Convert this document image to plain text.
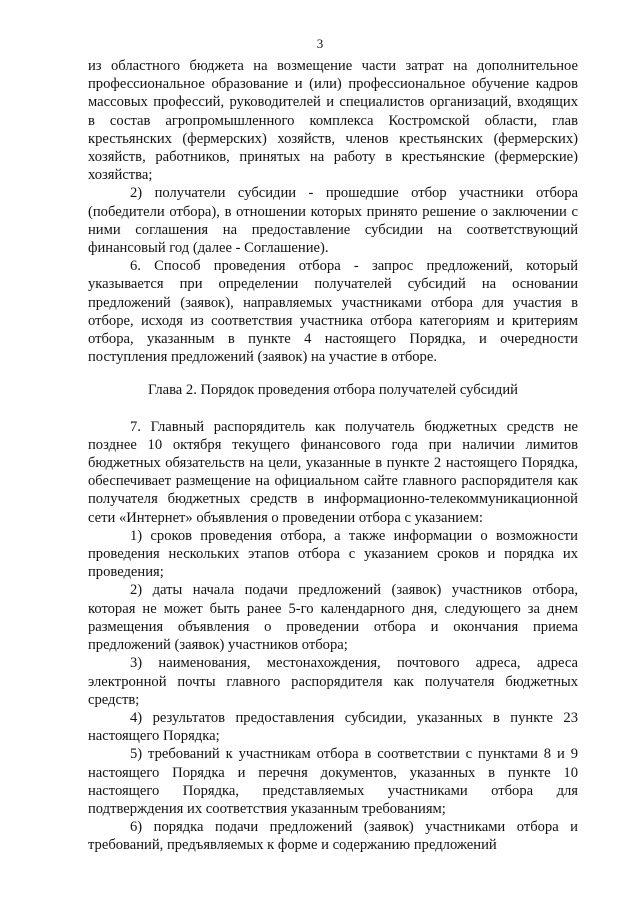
3

из областного бюджета на возмещение части затрат на дополнительное профессиональное образование и (или) профессиональное обучение кадров массовых профессий, руководителей и специалистов организаций, входящих в состав агропромышленного комплекса Костромской области, глав крестьянских (фермерских) хозяйств, членов крестьянских (фермерских) хозяйств, работников, принятых на работу в крестьянские (фермерские) хозяйства;

2) получатели субсидии - прошедшие отбор участники отбора (победители отбора), в отношении которых принято решение о заключении с ними соглашения на предоставление субсидии на соответствующий финансовый год (далее - Соглашение).

6. Способ проведения отбора - запрос предложений, который указывается при определении получателей субсидий на основании предложений (заявок), направляемых участниками отбора для участия в отборе, исходя из соответствия участника отбора категориям и критериям отбора, указанным в пункте 4 настоящего Порядка, и очередности поступления предложений (заявок) на участие в отборе.

Глава 2. Порядок проведения отбора получателей субсидий

7. Главный распорядитель как получатель бюджетных средств не позднее 10 октября текущего финансового года при наличии лимитов бюджетных обязательств на цели, указанные в пункте 2 настоящего Порядка, обеспечивает размещение на официальном сайте главного распорядителя как получателя бюджетных средств в информационно-телекоммуникационной сети «Интернет» объявления о проведении отбора с указанием:

1) сроков проведения отбора, а также информации о возможности проведения нескольких этапов отбора с указанием сроков и порядка их проведения;

2) даты начала подачи предложений (заявок) участников отбора, которая не может быть ранее 5-го календарного дня, следующего за днем размещения объявления о проведении отбора и окончания приема предложений (заявок) участников отбора;

3) наименования, местонахождения, почтового адреса, адреса электронной почты главного распорядителя как получателя бюджетных средств;

4) результатов предоставления субсидии, указанных в пункте 23 настоящего Порядка;

5) требований к участникам отбора в соответствии с пунктами 8 и 9 настоящего Порядка и перечня документов, указанных в пункте 10 настоящего Порядка, представляемых участниками отбора для подтверждения их соответствия указанным требованиям;

6) порядка подачи предложений (заявок) участниками отбора и требований, предъявляемых к форме и содержанию предложений
